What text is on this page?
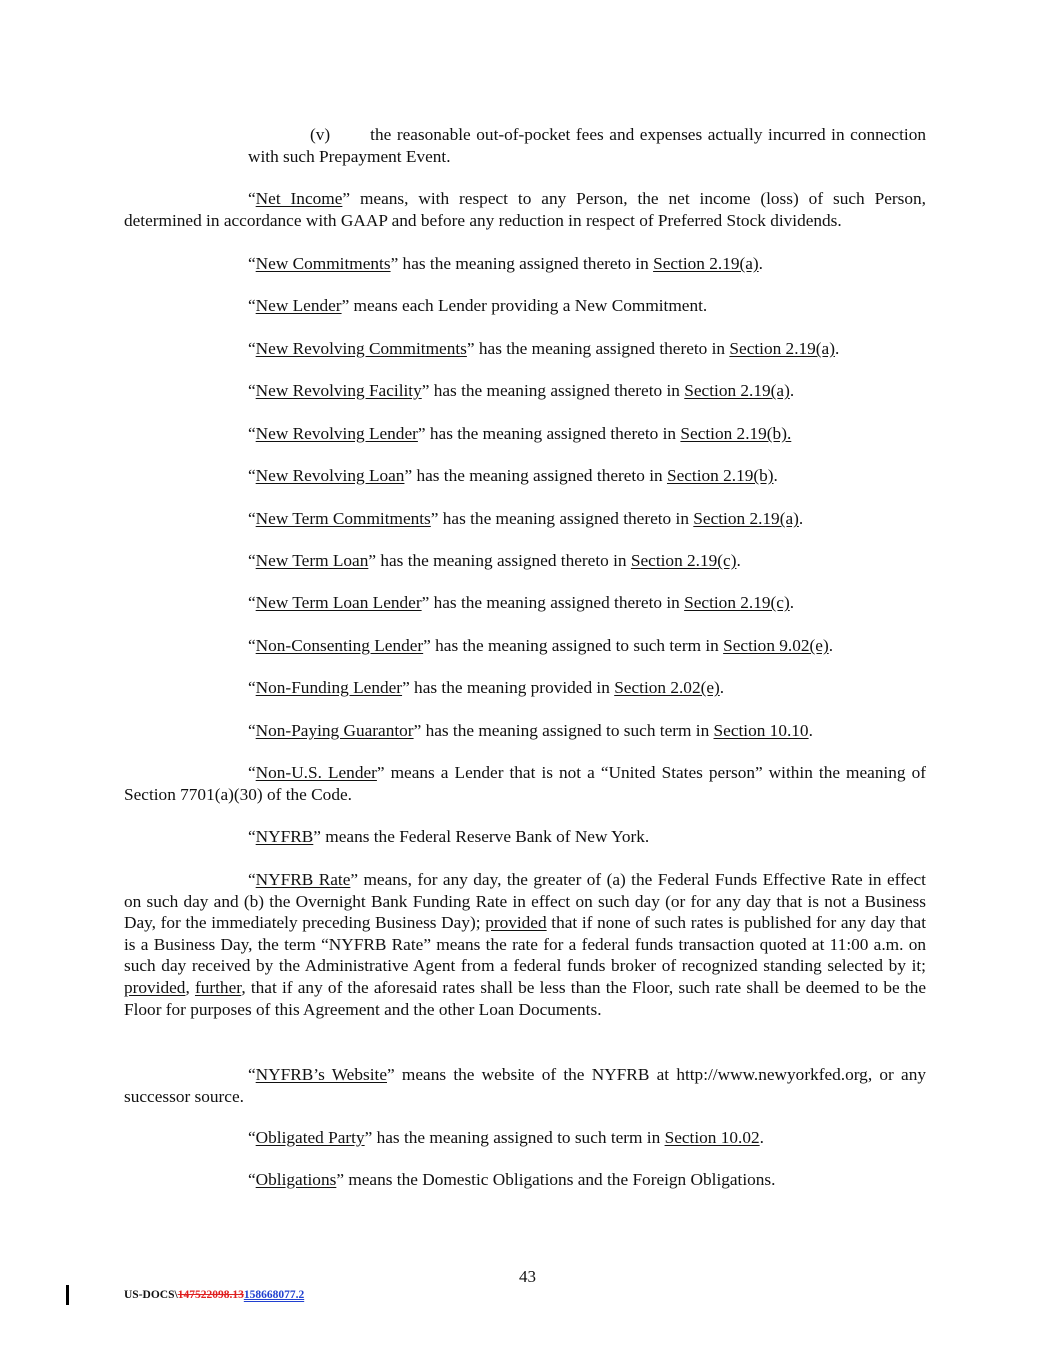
(v) the reasonable out-of-pocket fees and expenses actually incurred in connection with such Prepayment Event.
“Net Income” means, with respect to any Person, the net income (loss) of such Person, determined in accordance with GAAP and before any reduction in respect of Preferred Stock dividends.
“New Commitments” has the meaning assigned thereto in Section 2.19(a).
“New Lender” means each Lender providing a New Commitment.
“New Revolving Commitments” has the meaning assigned thereto in Section 2.19(a).
“New Revolving Facility” has the meaning assigned thereto in Section 2.19(a).
“New Revolving Lender” has the meaning assigned thereto in Section 2.19(b).
“New Revolving Loan” has the meaning assigned thereto in Section 2.19(b).
“New Term Commitments” has the meaning assigned thereto in Section 2.19(a).
“New Term Loan” has the meaning assigned thereto in Section 2.19(c).
“New Term Loan Lender” has the meaning assigned thereto in Section 2.19(c).
“Non-Consenting Lender” has the meaning assigned to such term in Section 9.02(e).
“Non-Funding Lender” has the meaning provided in Section 2.02(e).
“Non-Paying Guarantor” has the meaning assigned to such term in Section 10.10.
“Non-U.S. Lender” means a Lender that is not a “United States person” within the meaning of Section 7701(a)(30) of the Code.
“NYFRB” means the Federal Reserve Bank of New York.
“NYFRB Rate” means, for any day, the greater of (a) the Federal Funds Effective Rate in effect on such day and (b) the Overnight Bank Funding Rate in effect on such day (or for any day that is not a Business Day, for the immediately preceding Business Day); provided that if none of such rates is published for any day that is a Business Day, the term “NYFRB Rate” means the rate for a federal funds transaction quoted at 11:00 a.m. on such day received by the Administrative Agent from a federal funds broker of recognized standing selected by it; provided, further, that if any of the aforesaid rates shall be less than the Floor, such rate shall be deemed to be the Floor for purposes of this Agreement and the other Loan Documents.
“NYFRB’s Website” means the website of the NYFRB at http://www.newyorkfed.org, or any successor source.
“Obligated Party” has the meaning assigned to such term in Section 10.02.
“Obligations” means the Domestic Obligations and the Foreign Obligations.
43
US-DOCS\147522098.13158668077.2
